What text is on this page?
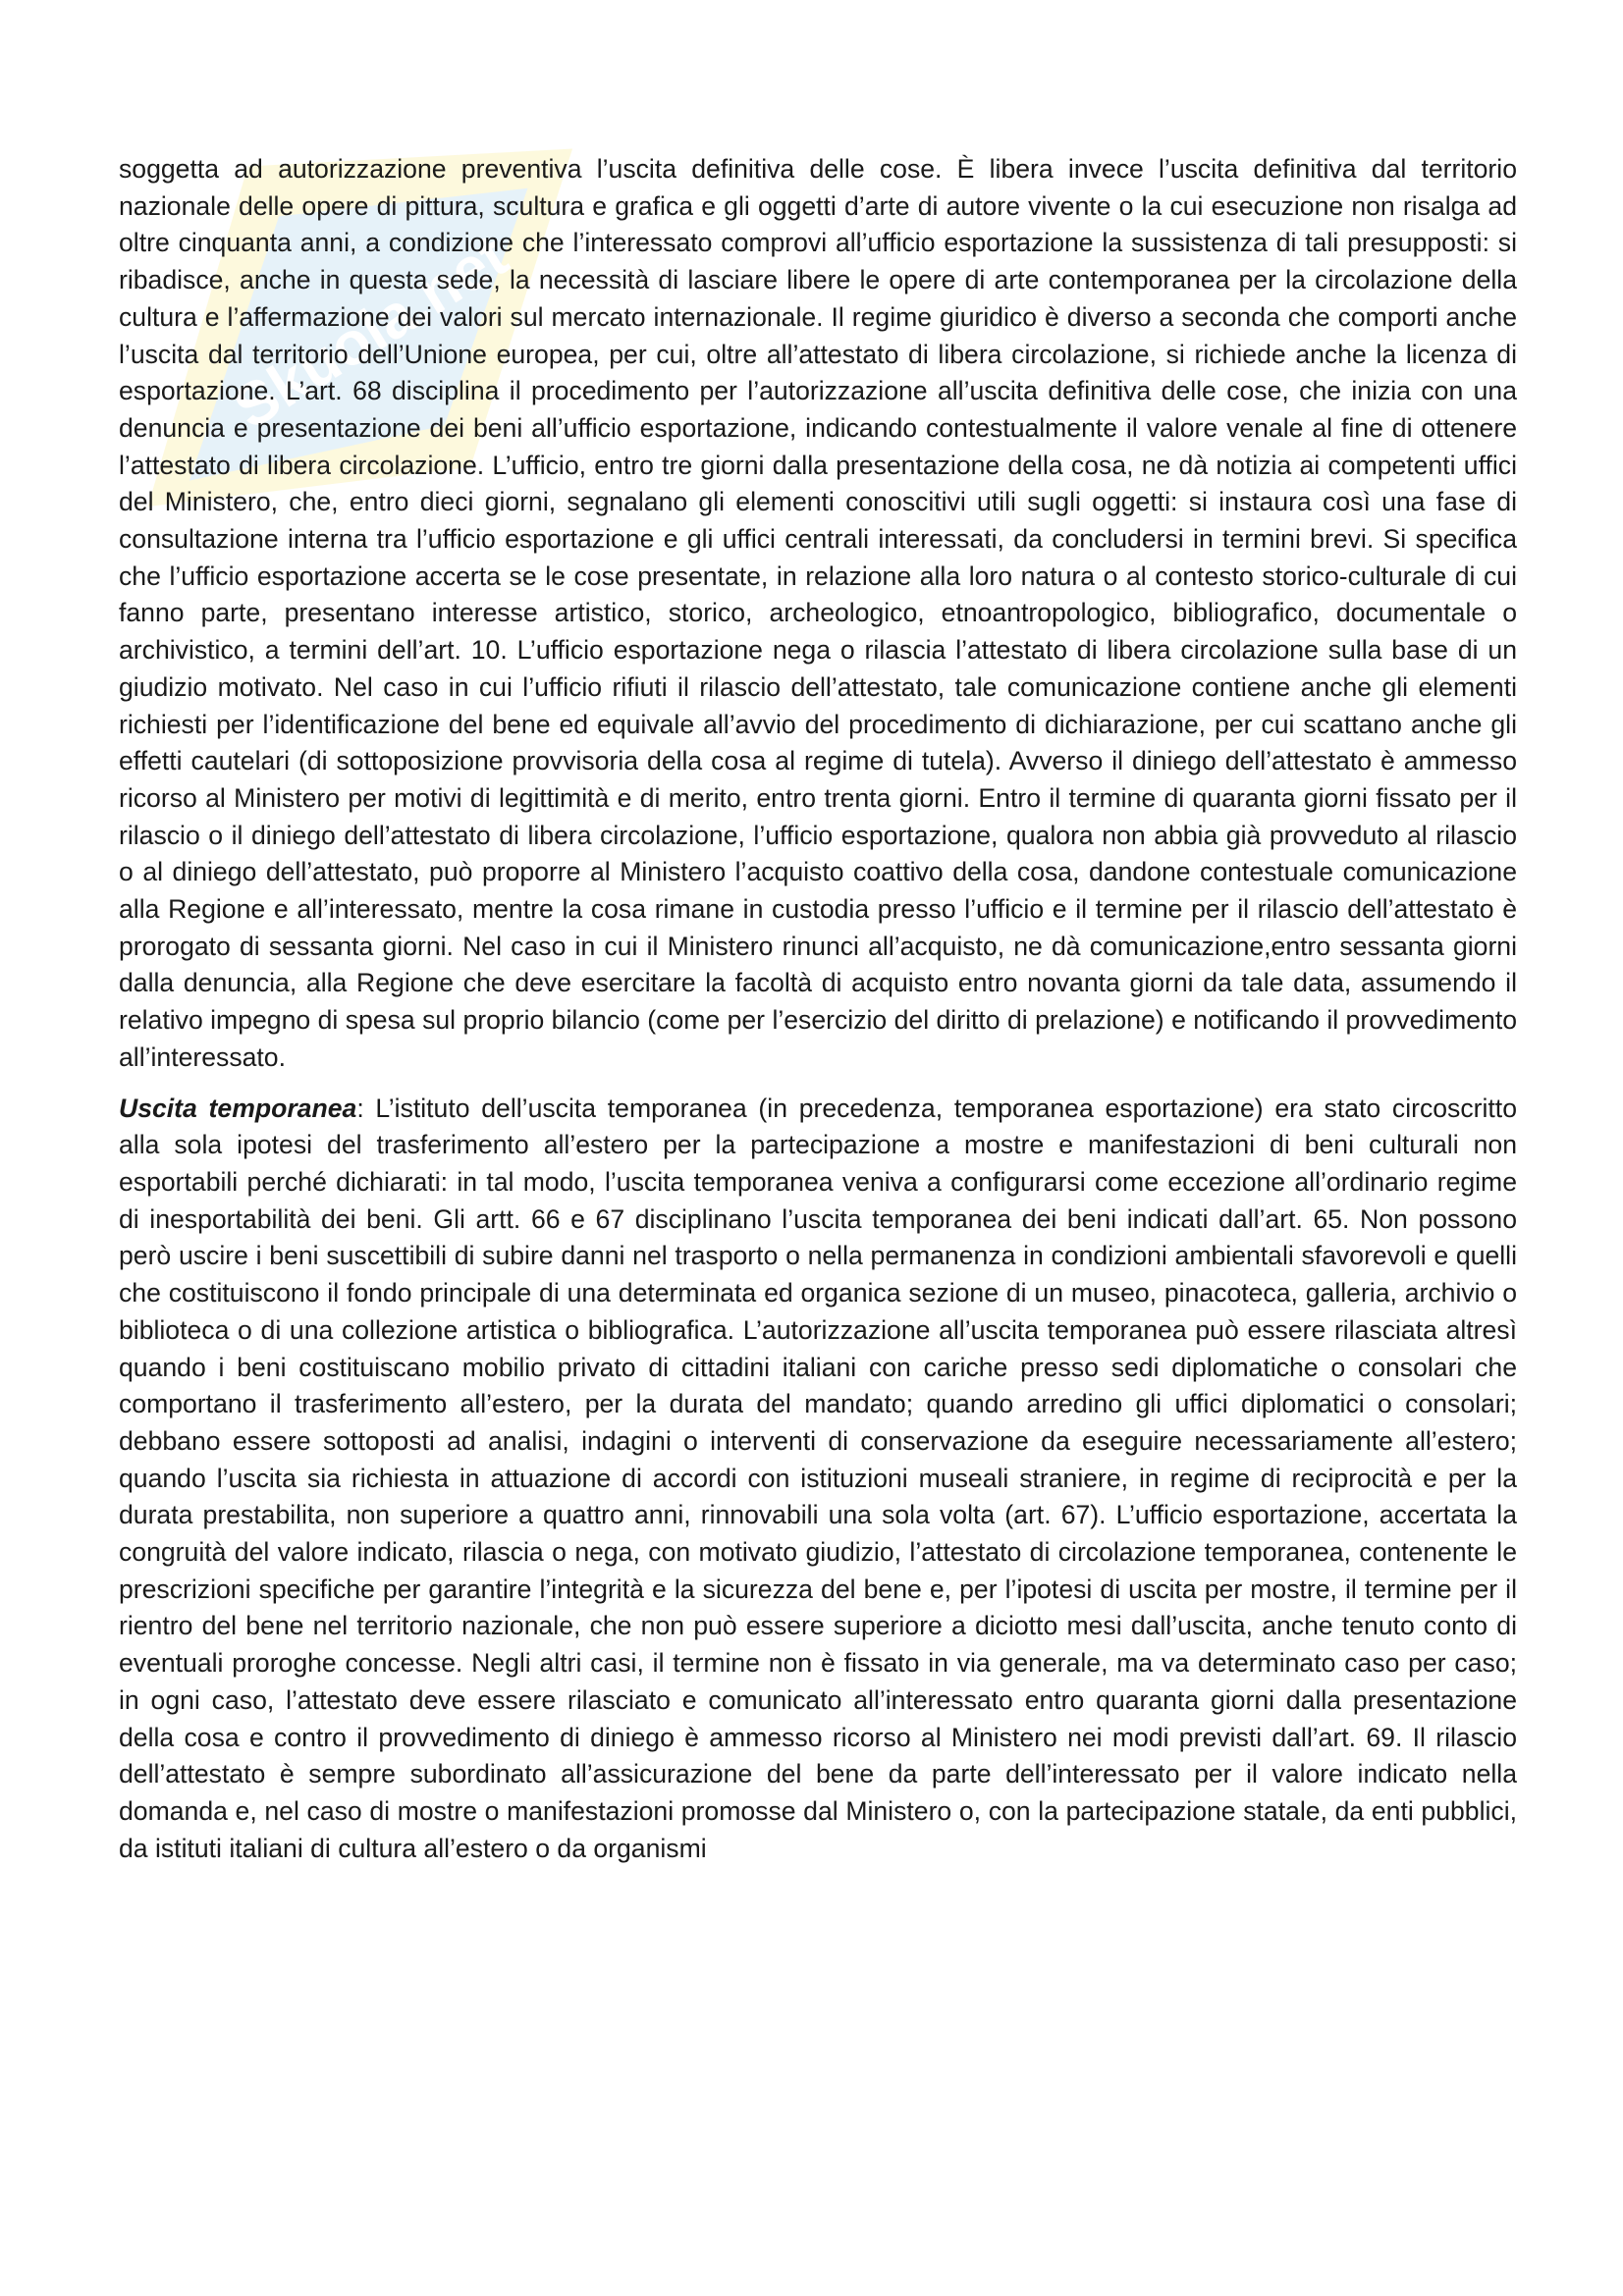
Skuola.net

soggetta ad autorizzazione preventiva l’uscita definitiva delle cose. È libera invece l’uscita definitiva dal territorio nazionale delle opere di pittura, scultura e grafica e gli oggetti d’arte di autore vivente o la cui esecuzione non risalga ad oltre cinquanta anni, a condizione che l’interessato comprovi all’ufficio esportazione la sussistenza di tali presupposti: si ribadisce, anche in questa sede, la necessità di lasciare libere le opere di arte contemporanea per la circolazione della cultura e l’affermazione dei valori sul mercato internazionale. Il regime giuridico è diverso a seconda che comporti anche l’uscita dal territorio dell’Unione europea, per cui, oltre all’attestato di libera circolazione, si richiede anche la licenza di esportazione. L’art. 68 disciplina il procedimento per l’autorizzazione all’uscita definitiva delle cose, che inizia con una denuncia e presentazione dei beni all’ufficio esportazione, indicando contestualmente il valore venale al fine di ottenere l’attestato di libera circolazione. L’ufficio, entro tre giorni dalla presentazione della cosa, ne dà notizia ai competenti uffici del Ministero, che, entro dieci giorni, segnalano gli elementi conoscitivi utili sugli oggetti: si instaura così una fase di consultazione interna tra l’ufficio esportazione e gli uffici centrali interessati, da concludersi in termini brevi. Si specifica che l’ufficio esportazione accerta se le cose presentate, in relazione alla loro natura o al contesto storico-culturale di cui fanno parte, presentano interesse artistico, storico, archeologico, etnoantropologico, bibliografico, documentale o archivistico, a termini dell’art. 10. L’ufficio esportazione nega o rilascia l’attestato di libera circolazione sulla base di un giudizio motivato. Nel caso in cui l’ufficio rifiuti il rilascio dell’attestato, tale comunicazione contiene anche gli elementi richiesti per l’identificazione del bene ed equivale all’avvio del procedimento di dichiarazione, per cui scattano anche gli effetti cautelari (di sottoposizione provvisoria della cosa al regime di tutela). Avverso il diniego dell’attestato è ammesso ricorso al Ministero per motivi di legittimità e di merito, entro trenta giorni. Entro il termine di quaranta giorni fissato per il rilascio o il diniego dell’attestato di libera circolazione, l’ufficio esportazione, qualora non abbia già provveduto al rilascio o al diniego dell’attestato, può proporre al Ministero l’acquisto coattivo della cosa, dandone contestuale comunicazione alla Regione e all’interessato, mentre la cosa rimane in custodia presso l’ufficio e il termine per il rilascio dell’attestato è prorogato di sessanta giorni. Nel caso in cui il Ministero rinunci all’acquisto, ne dà comunicazione,entro sessanta giorni dalla denuncia, alla Regione che deve esercitare la facoltà di acquisto entro novanta giorni da tale data, assumendo il relativo impegno di spesa sul proprio bilancio (come per l’esercizio del diritto di prelazione) e notificando il provvedimento all’interessato.

Uscita temporanea: L’istituto dell’uscita temporanea (in precedenza, temporanea esportazione) era stato circoscritto alla sola ipotesi del trasferimento all’estero per la partecipazione a mostre e manifestazioni di beni culturali non esportabili perché dichiarati: in tal modo, l’uscita temporanea veniva a configurarsi come eccezione all’ordinario regime di inesportabilità dei beni. Gli artt. 66 e 67 disciplinano l’uscita temporanea dei beni indicati dall’art. 65. Non possono però uscire i beni suscettibili di subire danni nel trasporto o nella permanenza in condizioni ambientali sfavorevoli e quelli che costituiscono il fondo principale di una determinata ed organica sezione di un museo, pinacoteca, galleria, archivio o biblioteca o di una collezione artistica o bibliografica. L’autorizzazione all’uscita temporanea può essere rilasciata altresì quando i beni costituiscano mobilio privato di cittadini italiani con cariche presso sedi diplomatiche o consolari che comportano il trasferimento all’estero, per la durata del mandato; quando arredino gli uffici diplomatici o consolari; debbano essere sottoposti ad analisi, indagini o interventi di conservazione da eseguire necessariamente all’estero; quando l’uscita sia richiesta in attuazione di accordi con istituzioni museali straniere, in regime di reciprocità e per la durata prestabilita, non superiore a quattro anni, rinnovabili una sola volta (art. 67). L’ufficio esportazione, accertata la congruità del valore indicato, rilascia o nega, con motivato giudizio, l’attestato di circolazione temporanea, contenente le prescrizioni specifiche per garantire l’integrità e la sicurezza del bene e, per l’ipotesi di uscita per mostre, il termine per il rientro del bene nel territorio nazionale, che non può essere superiore a diciotto mesi dall’uscita, anche tenuto conto di eventuali proroghe concesse. Negli altri casi, il termine non è fissato in via generale, ma va determinato caso per caso; in ogni caso, l’attestato deve essere rilasciato e comunicato all’interessato entro quaranta giorni dalla presentazione della cosa e contro il provvedimento di diniego è ammesso ricorso al Ministero nei modi previsti dall’art. 69. Il rilascio dell’attestato è sempre subordinato all’assicurazione del bene da parte dell’interessato per il valore indicato nella domanda e, nel caso di mostre o manifestazioni promosse dal Ministero o, con la partecipazione statale, da enti pubblici, da istituti italiani di cultura all’estero o da organismi
